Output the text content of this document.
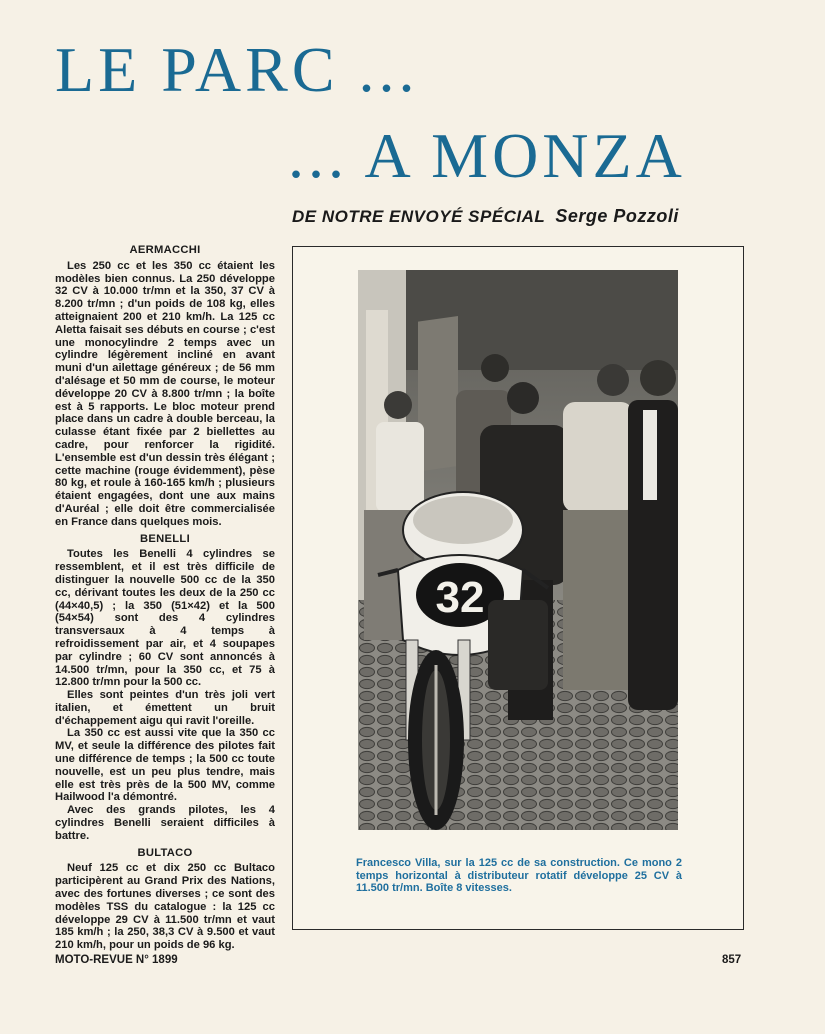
LE PARC ...
... A MONZA
DE NOTRE ENVOYÉ SPÉCIAL Serge Pozzoli
AERMACCHI

Les 250 cc et les 350 cc étaient les modèles bien connus. La 250 développe 32 CV à 10.000 tr/mn et la 350, 37 CV à 8.200 tr/mn ; d'un poids de 108 kg, elles atteignaient 200 et 210 km/h. La 125 cc Aletta faisait ses débuts en course ; c'est une monocylindre 2 temps avec un cylindre légèrement incliné en avant muni d'un ailettage généreux ; de 56 mm d'alésage et 50 mm de course, le moteur développe 20 CV à 8.800 tr/mn ; la boîte est à 5 rapports. Le bloc moteur prend place dans un cadre à double berceau, la culasse étant fixée par 2 biellettes au cadre, pour renforcer la rigidité. L'ensemble est d'un dessin très élégant ; cette machine (rouge évidemment), pèse 80 kg, et roule à 160-165 km/h ; plusieurs étaient engagées, dont une aux mains d'Auréal ; elle doit être commercialisée en France dans quelques mois.

BENELLI

Toutes les Benelli 4 cylindres se ressemblent, et il est très difficile de distinguer la nouvelle 500 cc de la 350 cc, dérivant toutes les deux de la 250 cc (44×40,5) ; la 350 (51×42) et la 500 (54×54) sont des 4 cylindres transversaux à 4 temps à refroidissement par air, et 4 soupapes par cylindre ; 60 CV sont annoncés à 14.500 tr/mn, pour la 350 cc, et 75 à 12.800 tr/mn pour la 500 cc.

Elles sont peintes d'un très joli vert italien, et émettent un bruit d'échappement aigu qui ravit l'oreille.

La 350 cc est aussi vite que la 350 cc MV, et seule la différence des pilotes fait une différence de temps ; la 500 cc toute nouvelle, est un peu plus tendre, mais elle est très près de la 500 MV, comme Hailwood l'a démontré.

Avec des grands pilotes, les 4 cylindres Benelli seraient difficiles à battre.

BULTACO

Neuf 125 cc et dix 250 cc Bultaco participèrent au Grand Prix des Nations, avec des fortunes diverses ; ce sont des modèles TSS du catalogue : la 125 cc développe 29 CV à 11.500 tr/mn et vaut 185 km/h ; la 250, 38,3 CV à 9.500 et vaut 210 km/h, pour un poids de 96 kg.

32
Francesco Villa, sur la 125 cc de sa construction. Ce mono 2 temps horizontal à distributeur rotatif développe 25 CV à 11.500 tr/mn. Boîte 8 vitesses.
MOTO-REVUE N° 1899	857
